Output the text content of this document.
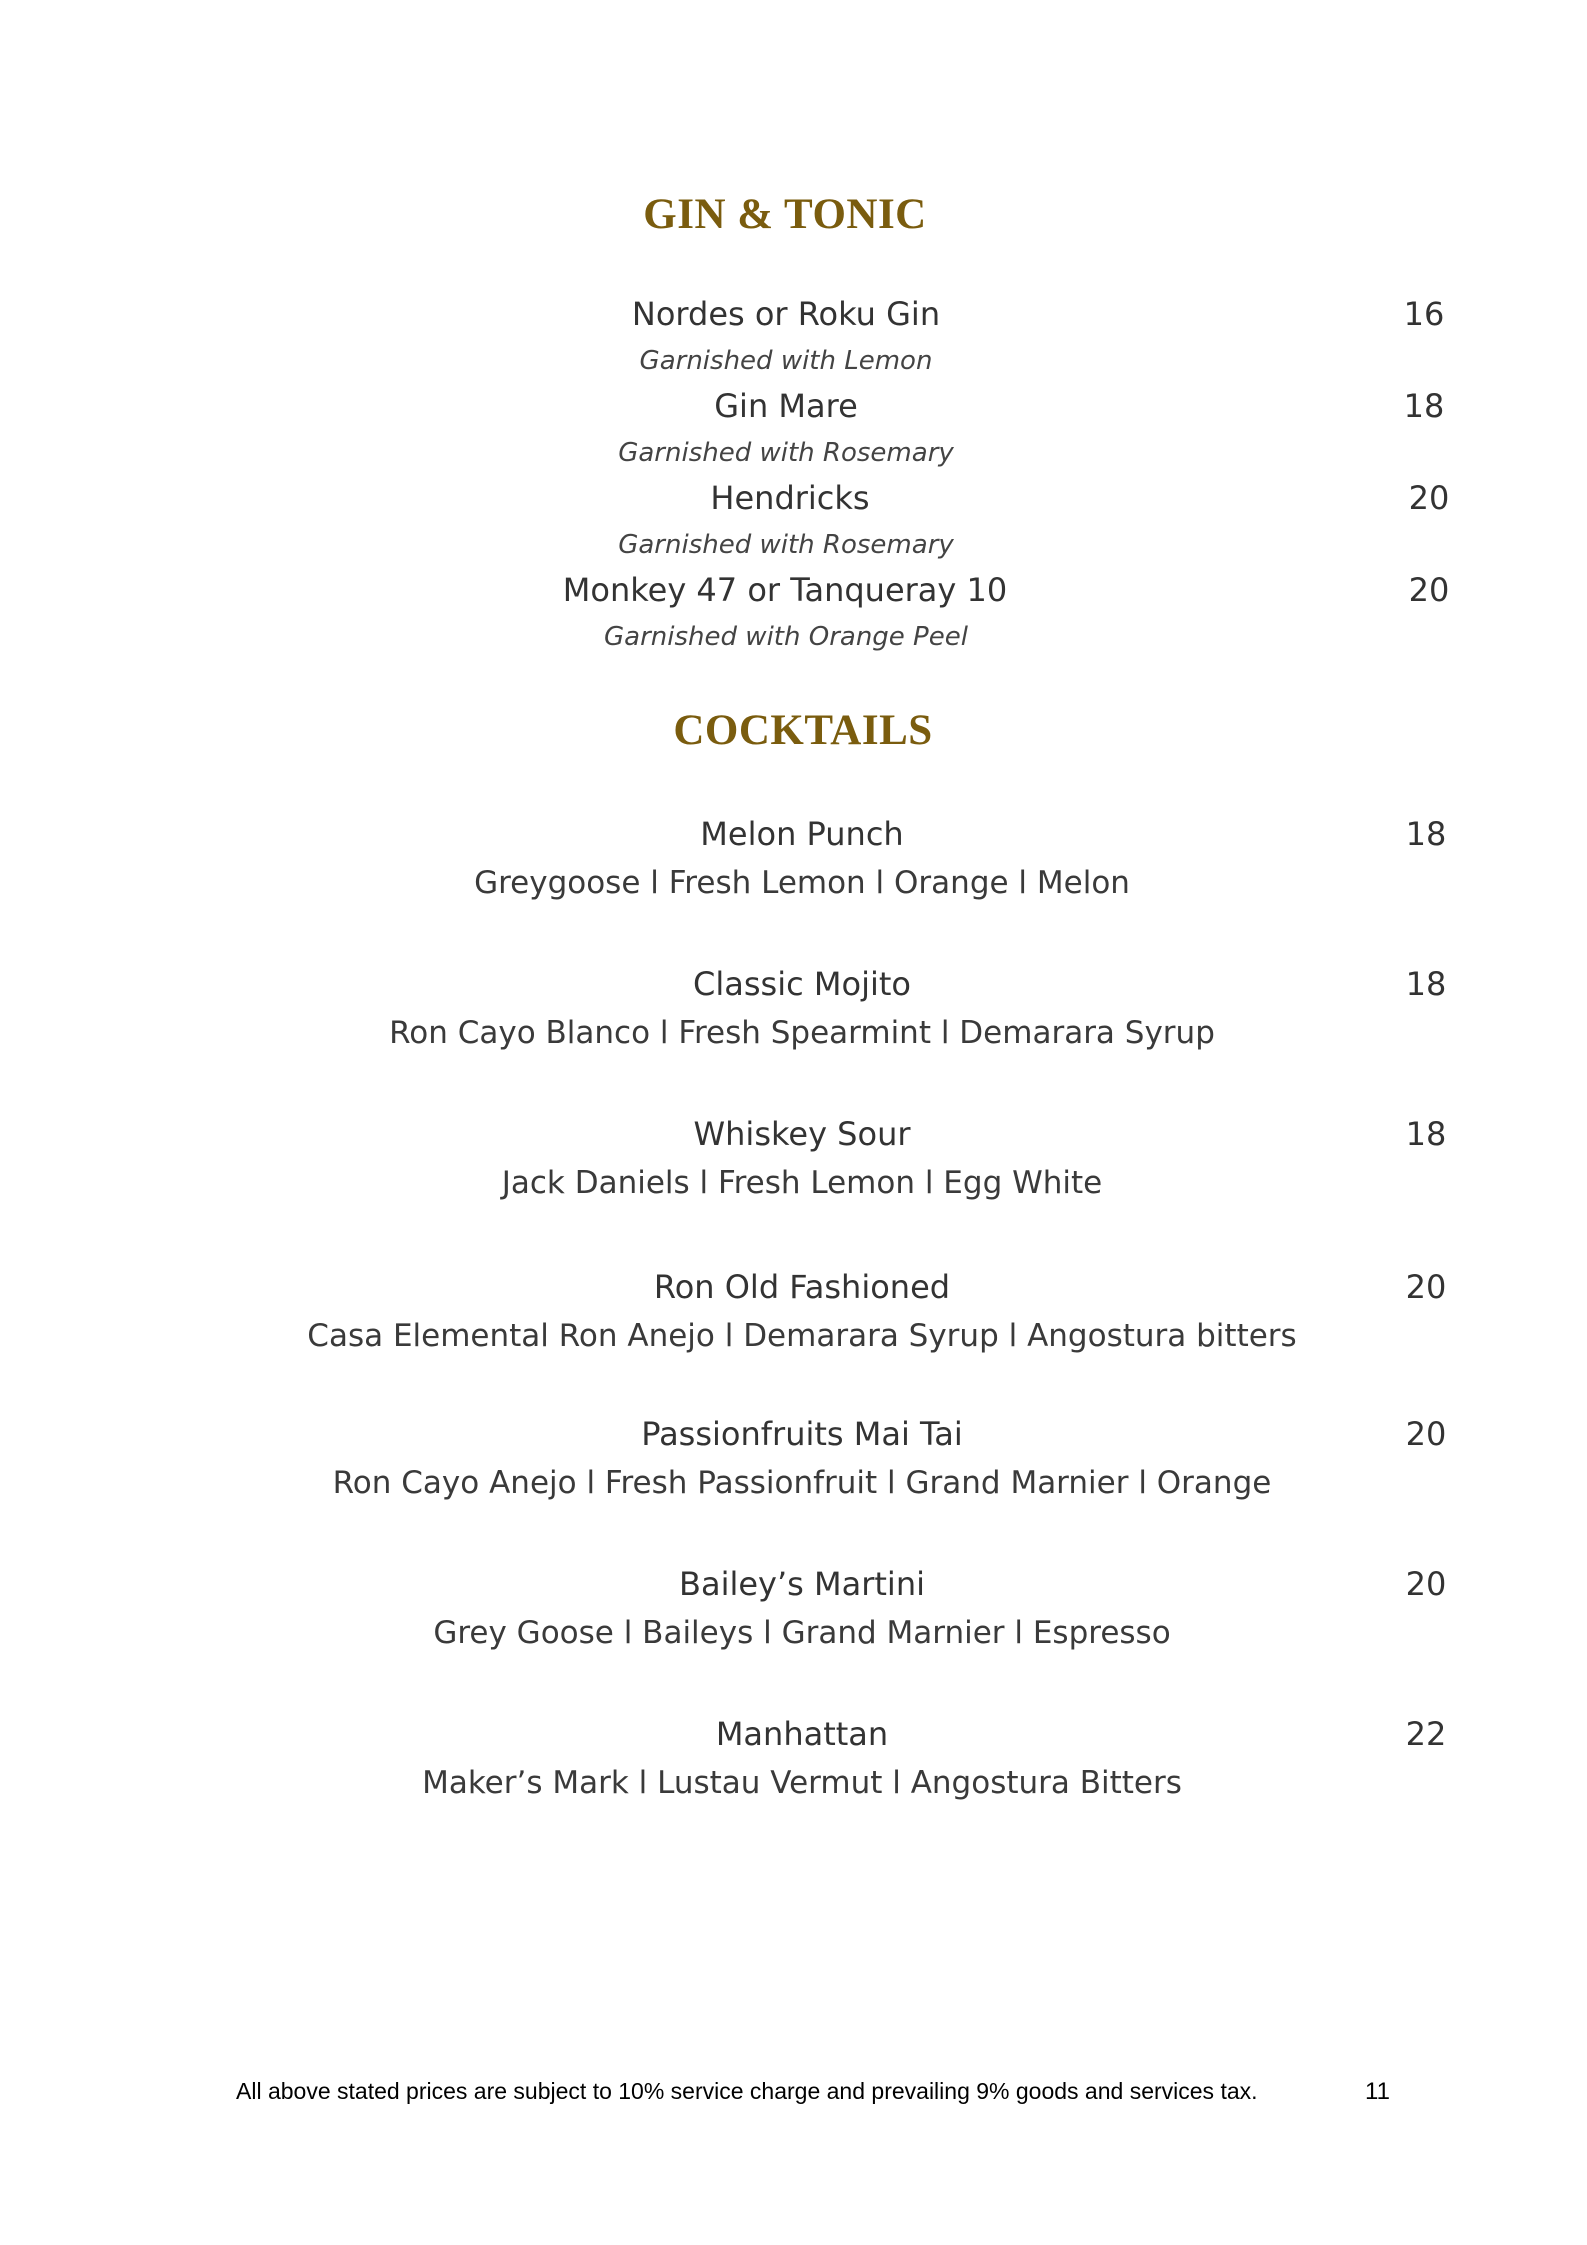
GIN & TONIC
Nordes or Roku Gin	16
Garnished with Lemon
Gin Mare	18
Garnished with Rosemary
Hendricks	20
Garnished with Rosemary
Monkey 47 or Tanqueray 10	20
Garnished with Orange Peel
COCKTAILS
Melon Punch	18
Greygoose l Fresh Lemon l Orange l Melon
Classic Mojito	18
Ron Cayo Blanco l Fresh Spearmint l Demarara Syrup
Whiskey Sour	18
Jack Daniels l Fresh Lemon l Egg White
Ron Old Fashioned	20
Casa Elemental Ron Anejo l Demarara Syrup l Angostura bitters
Passionfruits Mai Tai	20
Ron Cayo Anejo l Fresh Passionfruit l Grand Marnier l Orange
Bailey’s Martini	20
Grey Goose l Baileys l Grand Marnier l Espresso
Manhattan	22
Maker’s Mark l Lustau Vermut l Angostura Bitters
All above stated prices are subject to 10% service charge and prevailing 9% goods and services tax.	11
